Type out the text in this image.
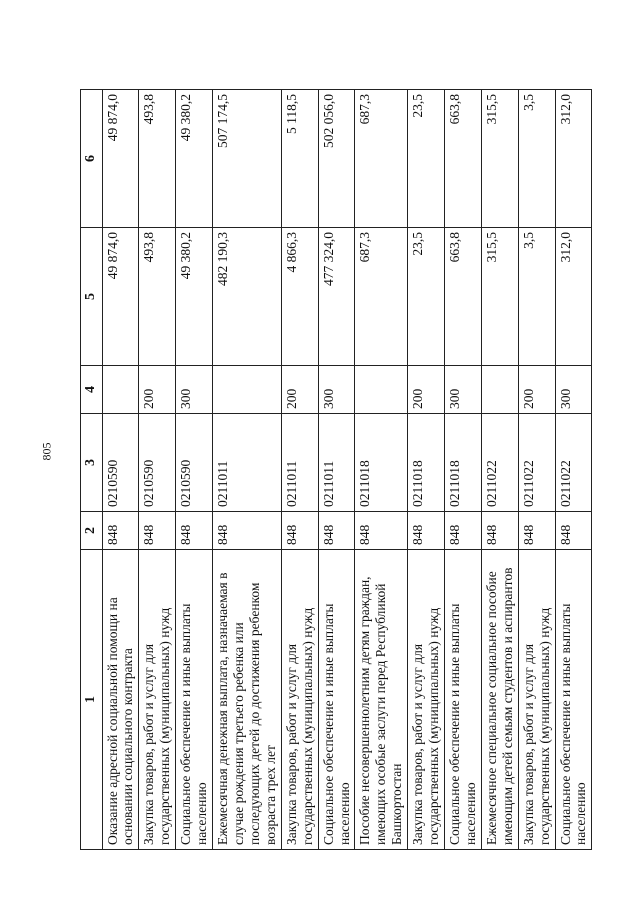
805
1	2	3	4	5	6
Оказание адресной социальной помощи на основании социального контракта	848	0210590		49 874,0	49 874,0
Закупка товаров, работ и услуг для государственных (муниципальных) нужд	848	0210590	200	493,8	493,8
Социальное обеспечение и иные выплаты населению	848	0210590	300	49 380,2	49 380,2
Ежемесячная денежная выплата, назначаемая в случае рождения третьего ребенка или последующих детей до достижения ребенком возраста трех лет	848	0211011		482 190,3	507 174,5
Закупка товаров, работ и услуг для государственных (муниципальных) нужд	848	0211011	200	4 866,3	5 118,5
Социальное обеспечение и иные выплаты населению	848	0211011	300	477 324,0	502 056,0
Пособие несовершеннолетним детям граждан, имеющих особые заслуги перед Республикой Башкортостан	848	0211018		687,3	687,3
Закупка товаров, работ и услуг для государственных (муниципальных) нужд	848	0211018	200	23,5	23,5
Социальное обеспечение и иные выплаты населению	848	0211018	300	663,8	663,8
Ежемесячное специальное социальное пособие имеющим детей семьям студентов и аспирантов	848	0211022		315,5	315,5
Закупка товаров, работ и услуг для государственных (муниципальных) нужд	848	0211022	200	3,5	3,5
Социальное обеспечение и иные выплаты населению	848	0211022	300	312,0	312,0
